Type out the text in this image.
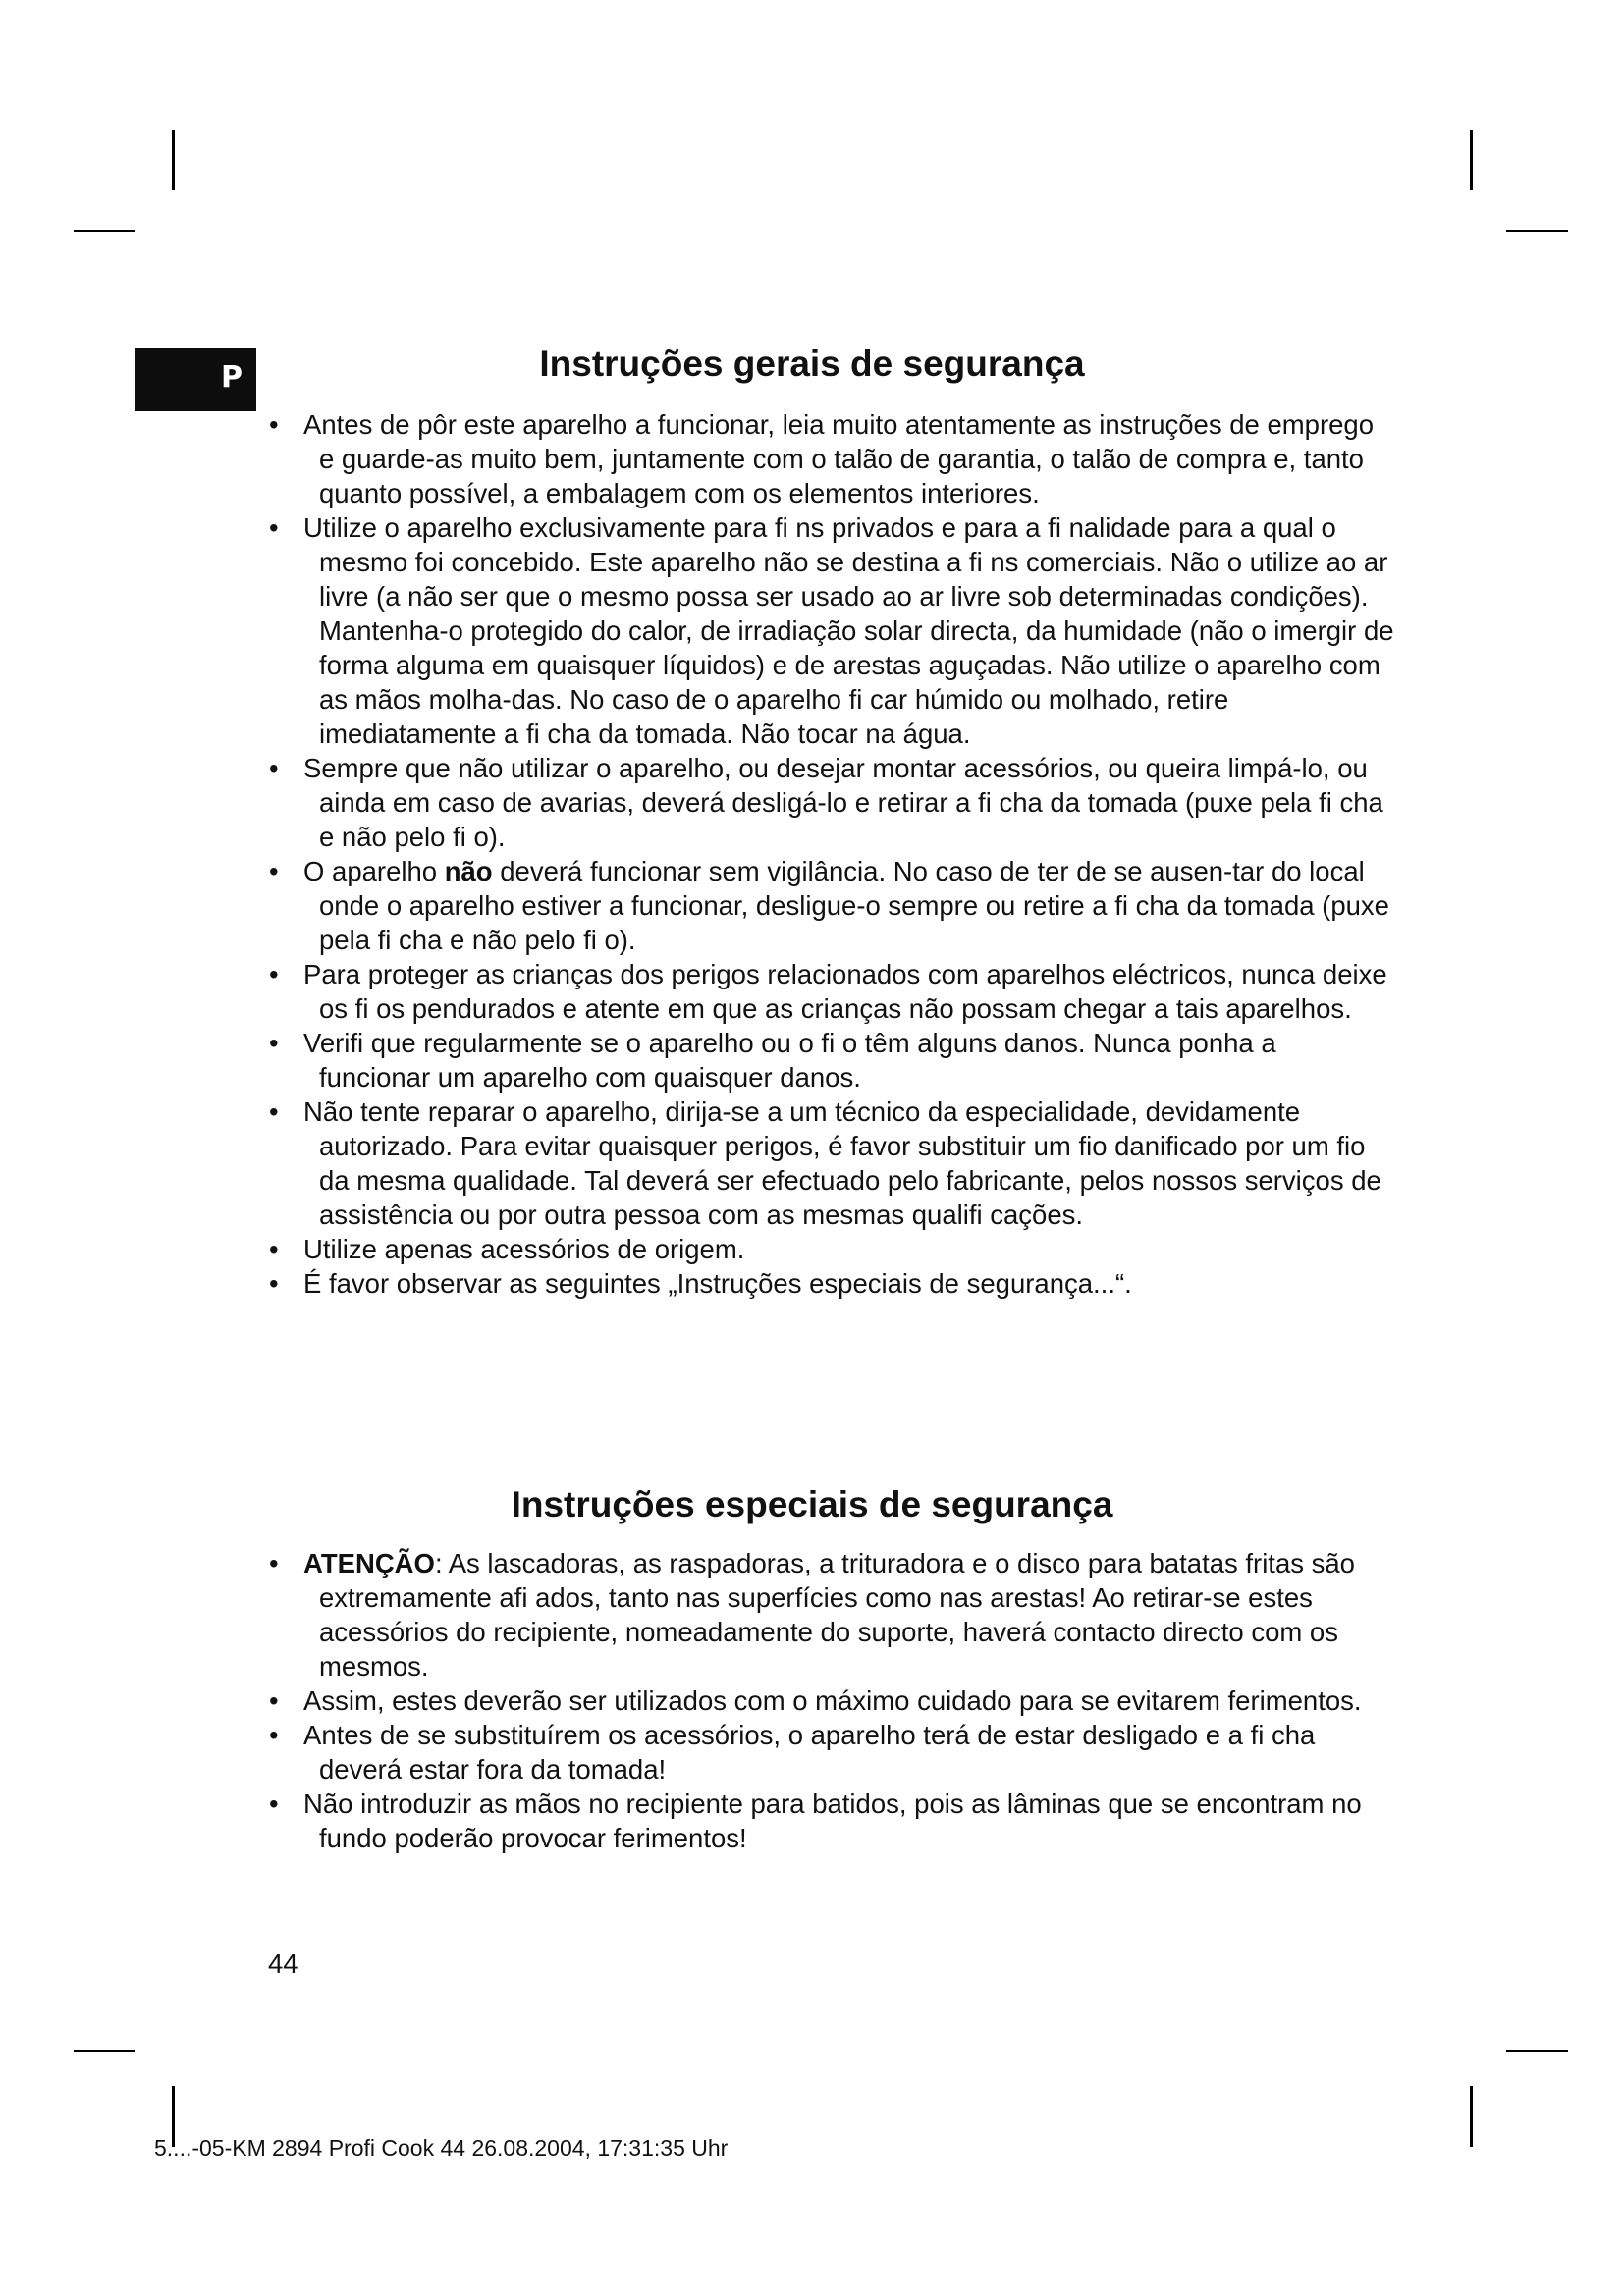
P	Instruções gerais de segurança
• Antes de pôr este aparelho a funcionar, leia muito atentamente as instruções de emprego e guarde-as muito bem, juntamente com o talão de garantia, o talão de compra e, tanto quanto possível, a embalagem com os elementos interiores.
• Utilize o aparelho exclusivamente para fi ns privados e para a fi nalidade para a qual o mesmo foi concebido. Este aparelho não se destina a fi ns comerciais. Não o utilize ao ar livre (a não ser que o mesmo possa ser usado ao ar livre sob determinadas condições). Mantenha-o protegido do calor, de irradiação solar directa, da humidade (não o imergir de forma alguma em quaisquer líquidos) e de arestas aguçadas. Não utilize o aparelho com as mãos molha-das. No caso de o aparelho fi car húmido ou molhado, retire imediatamente a fi cha da tomada. Não tocar na água.
• Sempre que não utilizar o aparelho, ou desejar montar acessórios, ou queira limpá-lo, ou ainda em caso de avarias, deverá desligá-lo e retirar a fi cha da tomada (puxe pela fi cha e não pelo fi o).
• O aparelho não deverá funcionar sem vigilância. No caso de ter de se ausen-tar do local onde o aparelho estiver a funcionar, desligue-o sempre ou retire a fi cha da tomada (puxe pela fi cha e não pelo fi o).
• Para proteger as crianças dos perigos relacionados com aparelhos eléctricos, nunca deixe os fi os pendurados e atente em que as crianças não possam chegar a tais aparelhos.
• Verifi que regularmente se o aparelho ou o fi o têm alguns danos. Nunca ponha a funcionar um aparelho com quaisquer danos.
• Não tente reparar o aparelho, dirija-se a um técnico da especialidade, devidamente autorizado. Para evitar quaisquer perigos, é favor substituir um fio danificado por um fio da mesma qualidade. Tal deverá ser efectuado pelo fabricante, pelos nossos serviços de assistência ou por outra pessoa com as mesmas qualifi cações.
• Utilize apenas acessórios de origem.
• É favor observar as seguintes „Instruções especiais de segurança...“.
Instruções especiais de segurança
• ATENÇÃO: As lascadoras, as raspadoras, a trituradora e o disco para batatas fritas são extremamente afi ados, tanto nas superfícies como nas arestas! Ao retirar-se estes acessórios do recipiente, nomeadamente do suporte, haverá contacto directo com os mesmos.
• Assim, estes deverão ser utilizados com o máximo cuidado para se evitarem ferimentos.
• Antes de se substituírem os acessórios, o aparelho terá de estar desligado e a fi cha deverá estar fora da tomada!
• Não introduzir as mãos no recipiente para batidos, pois as lâminas que se encontram no fundo poderão provocar ferimentos!
44
5....-05-KM 2894 Profi Cook 44 26.08.2004, 17:31:35 Uhr
